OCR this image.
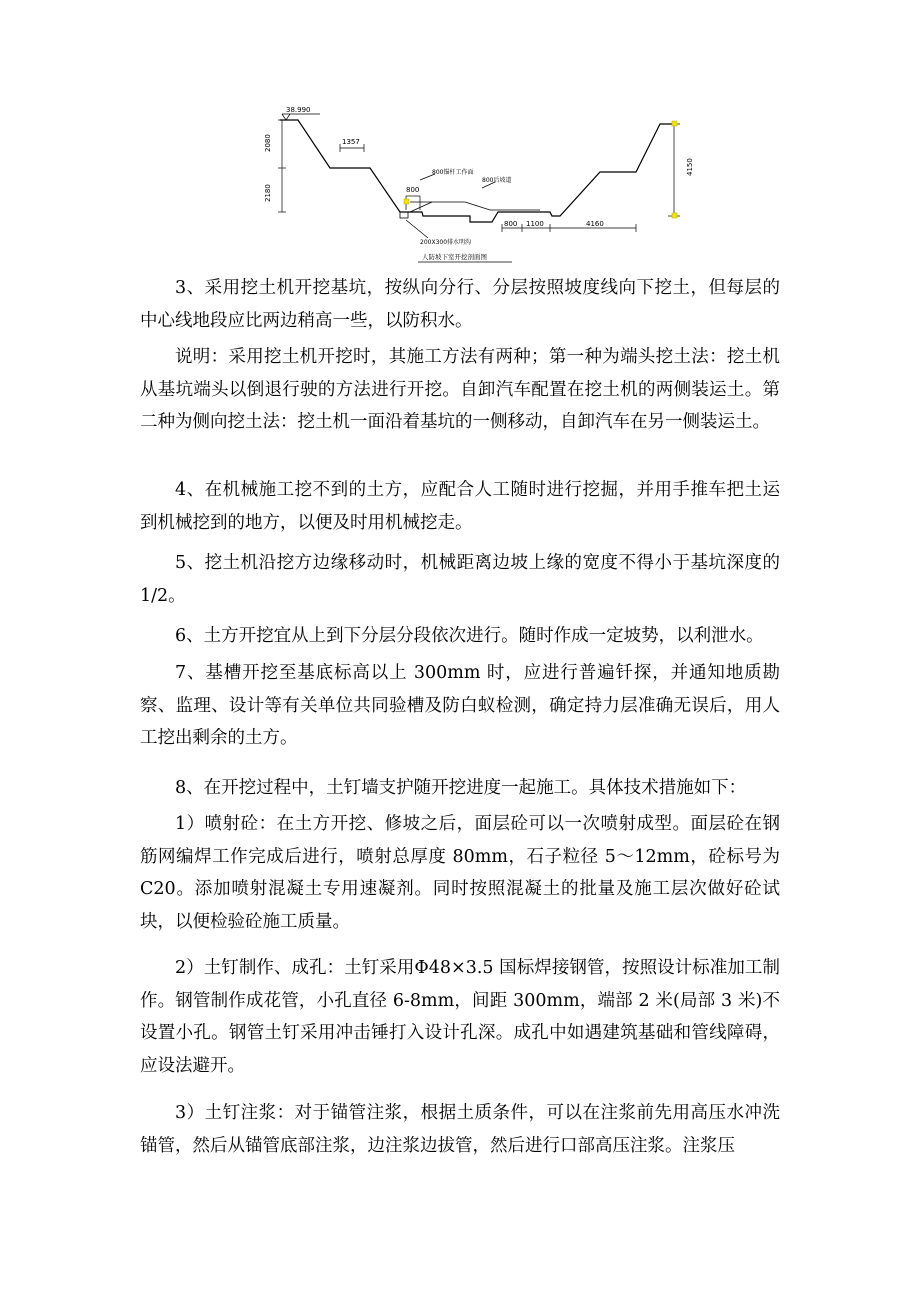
38.990
2080
2180
1357
800
800锚杆工作面
800后坡道
200X300排水明沟
800 1100	4160
4150
人防坡下室开挖剖面图

3、采用挖土机开挖基坑，按纵向分行、分层按照坡度线向下挖土，但每层的中心线地段应比两边稍高一些，以防积水。

说明：采用挖土机开挖时，其施工方法有两种；第一种为端头挖土法：挖土机从基坑端头以倒退行驶的方法进行开挖。自卸汽车配置在挖土机的两侧装运土。第二种为侧向挖土法：挖土机一面沿着基坑的一侧移动，自卸汽车在另一侧装运土。

4、在机械施工挖不到的土方，应配合人工随时进行挖掘，并用手推车把土运到机械挖到的地方，以便及时用机械挖走。

5、挖土机沿挖方边缘移动时，机械距离边坡上缘的宽度不得小于基坑深度的 1/2。

6、土方开挖宜从上到下分层分段依次进行。随时作成一定坡势，以利泄水。

7、基槽开挖至基底标高以上 300mm 时，应进行普遍钎探，并通知地质勘察、监理、设计等有关单位共同验槽及防白蚁检测，确定持力层准确无误后，用人工挖出剩余的土方。

8、在开挖过程中，土钉墙支护随开挖进度一起施工。具体技术措施如下：

1）喷射砼：在土方开挖、修坡之后，面层砼可以一次喷射成型。面层砼在钢筋网编焊工作完成后进行，喷射总厚度 80mm，石子粒径 5～12mm，砼标号为 C20。添加喷射混凝土专用速凝剂。同时按照混凝土的批量及施工层次做好砼试块，以便检验砼施工质量。

2）土钉制作、成孔：土钉采用Φ48×3.5 国标焊接钢管，按照设计标准加工制作。钢管制作成花管，小孔直径 6-8mm，间距 300mm，端部 2 米(局部 3 米)不设置小孔。钢管土钉采用冲击锤打入设计孔深。成孔中如遇建筑基础和管线障碍，应设法避开。

3）土钉注浆：对于锚管注浆，根据土质条件，可以在注浆前先用高压水冲洗锚管，然后从锚管底部注浆，边注浆边拔管，然后进行口部高压注浆。注浆压
